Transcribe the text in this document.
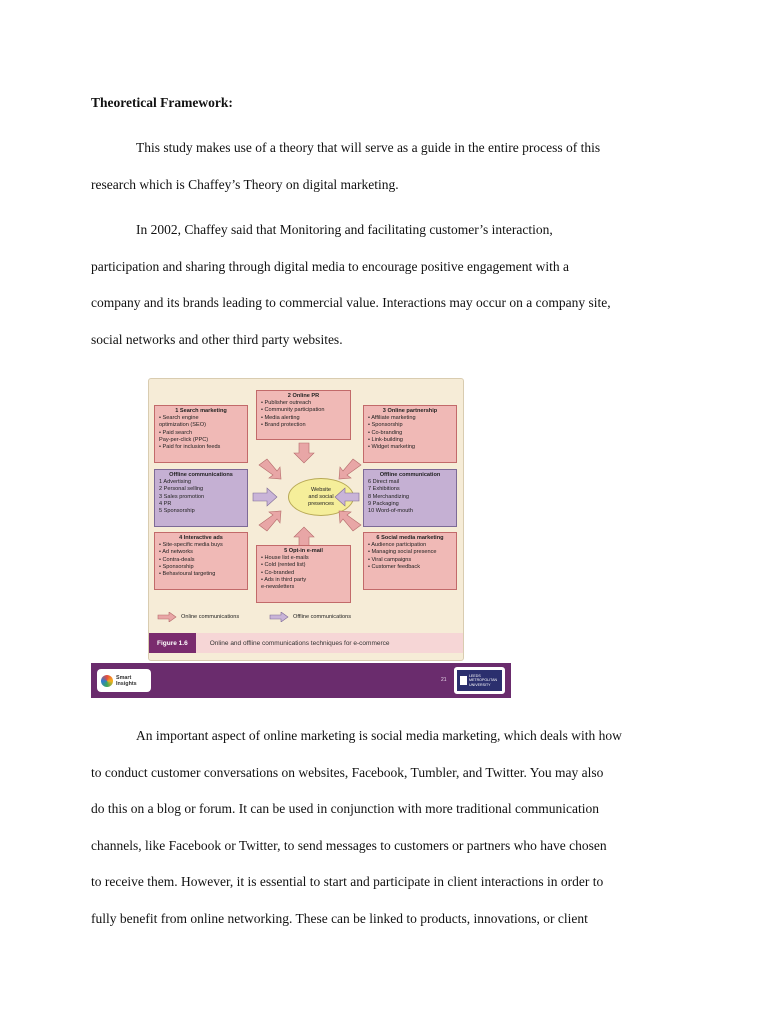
Theoretical Framework:

This study makes use of a theory that will serve as a guide in the entire process of this
research which is Chaffey’s Theory on digital marketing.

In 2002, Chaffey said that Monitoring and facilitating customer’s interaction,
participation and sharing through digital media to encourage positive engagement with a
company and its brands leading to commercial value. Interactions may occur on a company site,
social networks and other third party websites.

2 Online PR
• Publisher outreach
• Community participation
• Media alerting
• Brand protection
1 Search marketing
• Search engine
optimization (SEO)
• Paid search
Pay-per-click (PPC)
• Paid for inclusion feeds
3 Online partnership
• Affiliate marketing
• Sponsorship
• Co-branding
• Link-building
• Widget marketing
Offline communications
1 Advertising
2 Personal selling
3 Sales promotion
4 PR
5 Sponsorship
Offline communication
6 Direct mail
7 Exhibitions
8 Merchandizing
9 Packaging
10 Word-of-mouth
Website
and social
presences
4 Interactive ads
• Site-specific media buys
• Ad networks
• Contra-deals
• Sponsorship
• Behavioural targeting
5 Opt-in e-mail
• House list e-mails
• Cold (rented list)
• Co-branded
• Ads in third party
e-newsletters
6 Social media marketing
• Audience participation
• Managing social presence
• Viral campaigns
• Customer feedback
Online communications	Offline communications
Figure 1.6	Online and offline communications techniques for e-commerce
Smart
Insights
21
LEEDS
METROPOLITAN
UNIVERSITY

An important aspect of online marketing is social media marketing, which deals with how
to conduct customer conversations on websites, Facebook, Tumbler, and Twitter. You may also
do this on a blog or forum. It can be used in conjunction with more traditional communication
channels, like Facebook or Twitter, to send messages to customers or partners who have chosen
to receive them. However, it is essential to start and participate in client interactions in order to
fully benefit from online networking. These can be linked to products, innovations, or client
